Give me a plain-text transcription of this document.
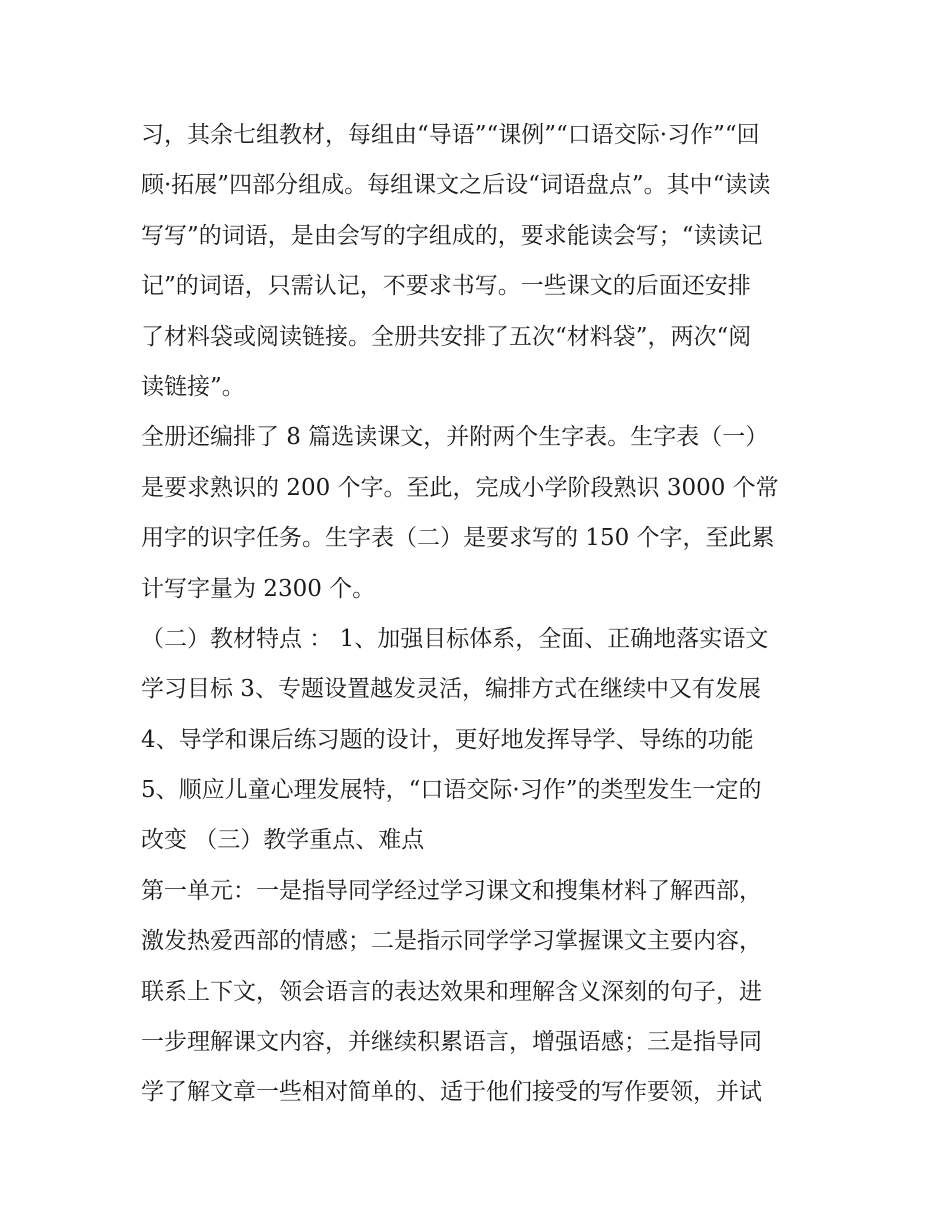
习，其余七组教材，每组由“导语”“课例”“口语交际·习作”“回
顾·拓展”四部分组成。每组课文之后设“词语盘点”。其中“读读
写写”的词语，是由会写的字组成的，要求能读会写；“读读记
记”的词语，只需认记，不要求书写。一些课文的后面还安排
了材料袋或阅读链接。全册共安排了五次“材料袋”，两次“阅
读链接”。

全册还编排了 8 篇选读课文，并附两个生字表。生字表（一）
是要求熟识的 200 个字。至此，完成小学阶段熟识 3000 个常
用字的识字任务。生字表（二）是要求写的 150 个字，至此累
计写字量为 2300 个。

（二）教材特点 ： 1、加强目标体系，全面、正确地落实语文
学习目标 3、专题设置越发灵活，编排方式在继续中又有发展
4、导学和课后练习题的设计，更好地发挥导学、导练的功能
5、顺应儿童心理发展特，“口语交际·习作”的类型发生一定的
改变 （三）教学重点、难点

第一单元：一是指导同学经过学习课文和搜集材料了解西部，
激发热爱西部的情感；二是指示同学学习掌握课文主要内容，
联系上下文，领会语言的表达效果和理解含义深刻的句子，进
一步理解课文内容，并继续积累语言，增强语感；三是指导同
学了解文章一些相对简单的、适于他们接受的写作要领，并试
